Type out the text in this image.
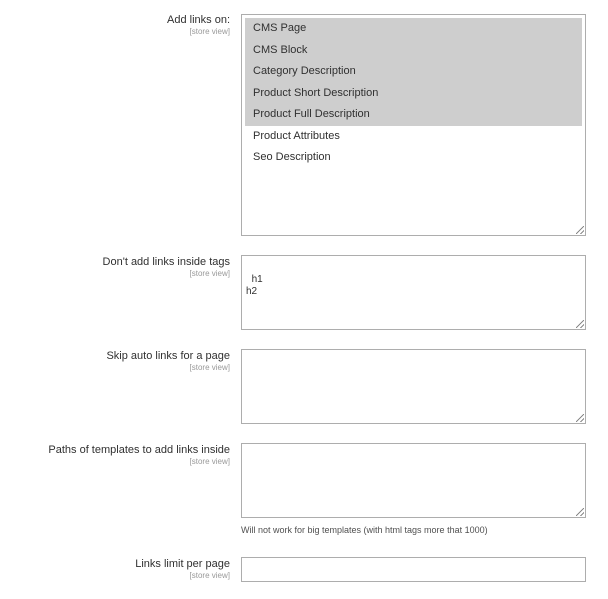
Add links on:
[store view]	CMS Page
CMS Block
Category Description
Product Short Description
Product Full Description
Product Attributes
Seo Description
Don't add links inside tags
[store view]

h1
h2

Skip auto links for a page
[store view]

Paths of templates to add links inside
[store view]

Will not work for big templates (with html tags more that 1000)
Links limit per page
[store view]
